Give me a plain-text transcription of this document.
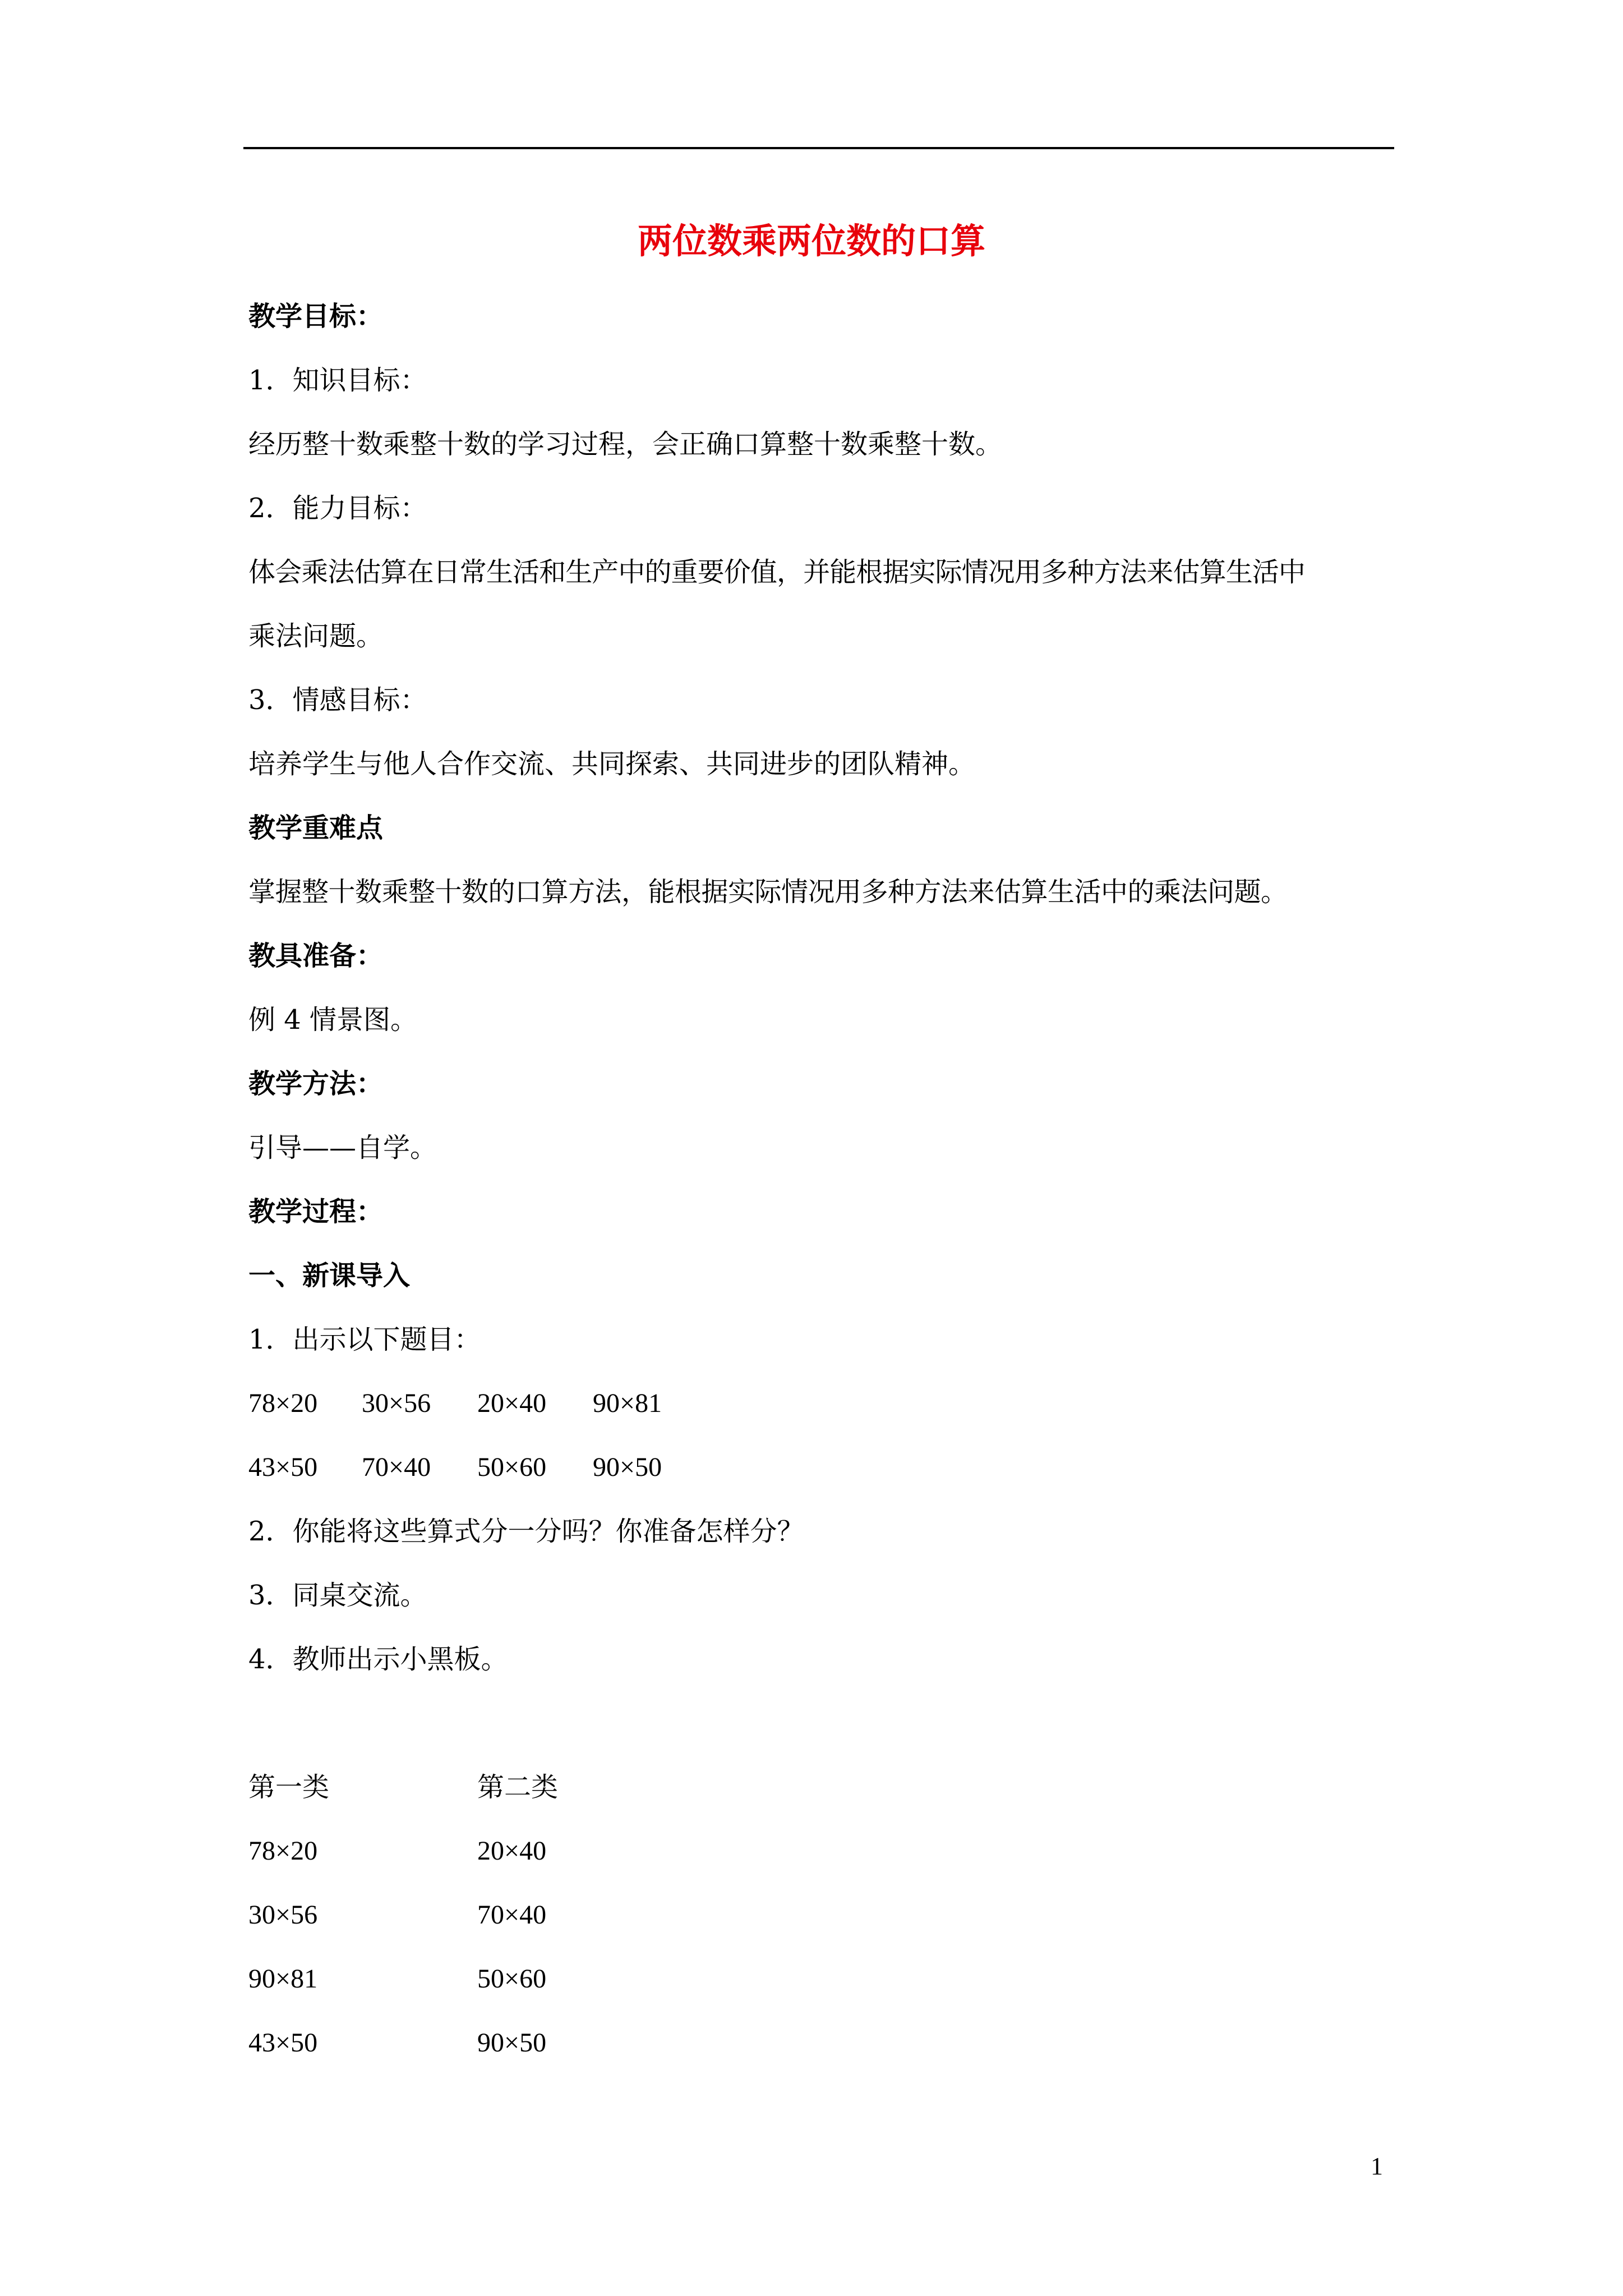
两位数乘两位数的口算
教学目标：
1．知识目标：
经历整十数乘整十数的学习过程，会正确口算整十数乘整十数。
2．能力目标：
体会乘法估算在日常生活和生产中的重要价值，并能根据实际情况用多种方法来估算生活中
乘法问题。
3．情感目标：
培养学生与他人合作交流、共同探索、共同进步的团队精神。
教学重难点
掌握整十数乘整十数的口算方法，能根据实际情况用多种方法来估算生活中的乘法问题。
教具准备：
例 4 情景图。
教学方法：
引导——自学。
教学过程：
一、新课导入
1．出示以下题目：
78×20 30×56 20×40 90×81
43×50 70×40 50×60 90×50
2．你能将这些算式分一分吗？你准备怎样分？
3．同桌交流。
4．教师出示小黑板。
第一类	第二类
78×20	20×40
30×56	70×40
90×81	50×60
43×50	90×50
1
